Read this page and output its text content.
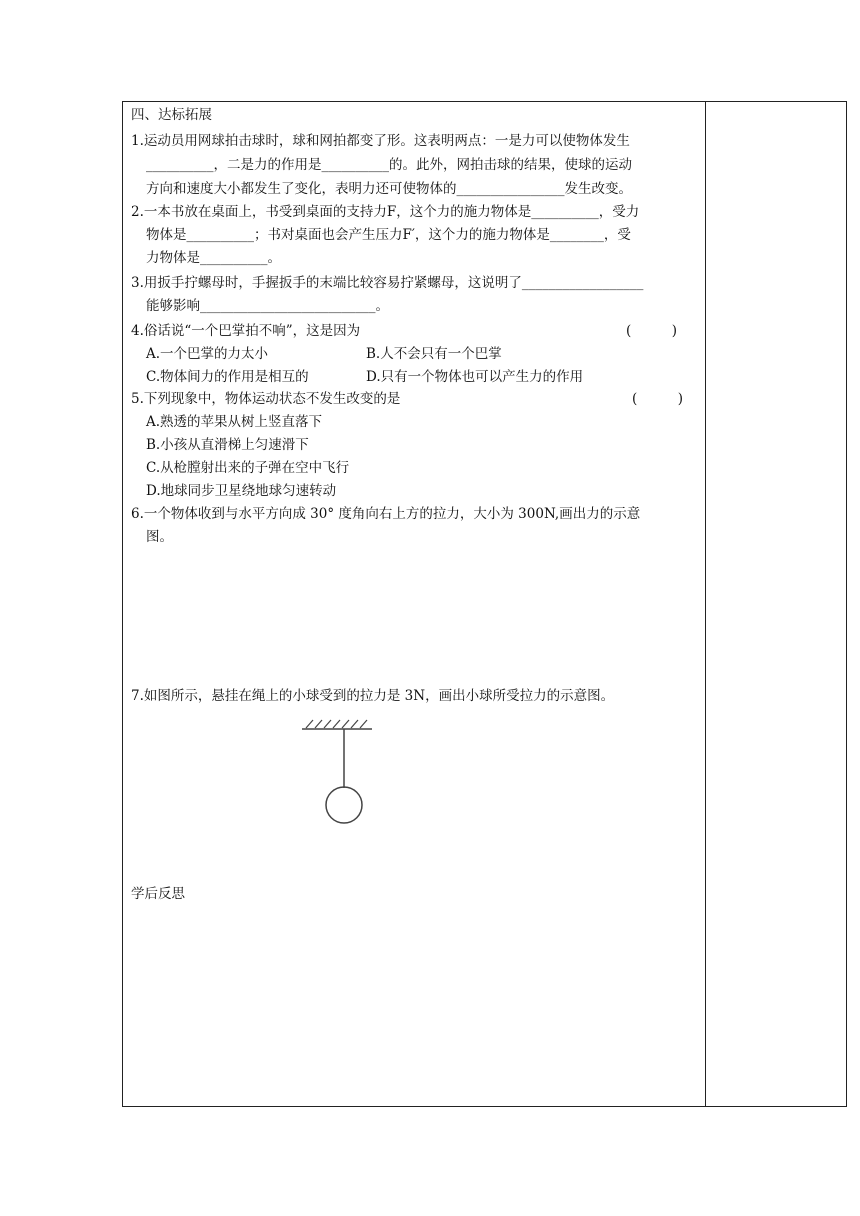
四、达标拓展
1.运动员用网球拍击球时，球和网拍都变了形。这表明两点：一是力可以使物体发生
__________，二是力的作用是__________的。此外，网拍击球的结果，使球的运动
方向和速度大小都发生了变化，表明力还可使物体的________________发生改变。
2.一本书放在桌面上，书受到桌面的支持力F，这个力的施力物体是__________，受力
物体是__________；书对桌面也会产生压力F′，这个力的施力物体是________，受
力物体是__________。
3.用扳手拧螺母时，手握扳手的末端比较容易拧紧螺母，这说明了__________________
能够影响__________________________。
4.俗话说“一个巴掌拍不响”，这是因为	(　　　)
A.一个巴掌的力太小	B.人不会只有一个巴掌
C.物体间力的作用是相互的	D.只有一个物体也可以产生力的作用
5.下列现象中，物体运动状态不发生改变的是	(　　　)
A.熟透的苹果从树上竖直落下
B.小孩从直滑梯上匀速滑下
C.从枪膛射出来的子弹在空中飞行
D.地球同步卫星绕地球匀速转动
6.一个物体收到与水平方向成 30° 度角向右上方的拉力，大小为 300N,画出力的示意
图。
7.如图所示，悬挂在绳上的小球受到的拉力是 3N，画出小球所受拉力的示意图。
学后反思
